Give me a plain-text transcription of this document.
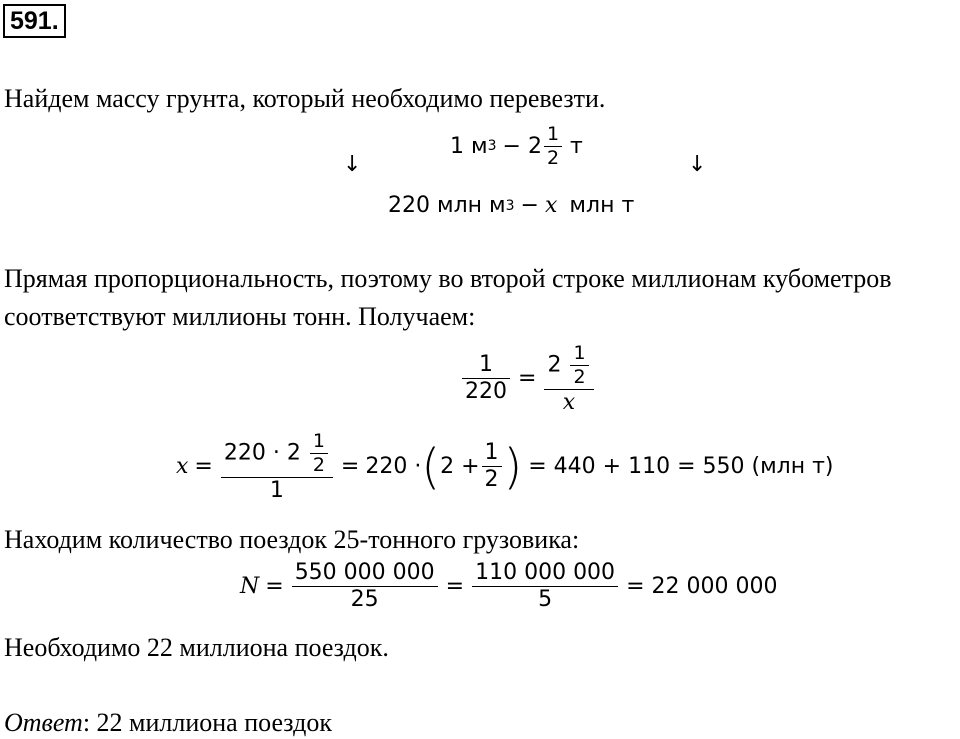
591.
Найдем массу грунта, который необходимо перевезти.
↓	↓
1 м $3 - 2 \frac{1}{2}$ т
220 млн м 3 − x млн т
Прямая пропорциональность, поэтому во второй строке миллионам кубометров
соответствуют миллионы тонн. Получаем:
$\frac{1}{220} = \frac{2 \frac{1}{2}}{x}$
$x = \frac{220 \cdot 2 \frac{1}{2}}{1} = 220$ · ( $2 + \frac{1}{2}$ ) = 440 + 110 = 550 (млн т)
Находим количество поездок 25-тонного грузовика:
$N = \frac{550 000 000}{25} = \frac{110 000 000}{5} = 22$ 000 000
Необходимо 22 миллиона поездок.
Ответ: 22 миллиона поездок
